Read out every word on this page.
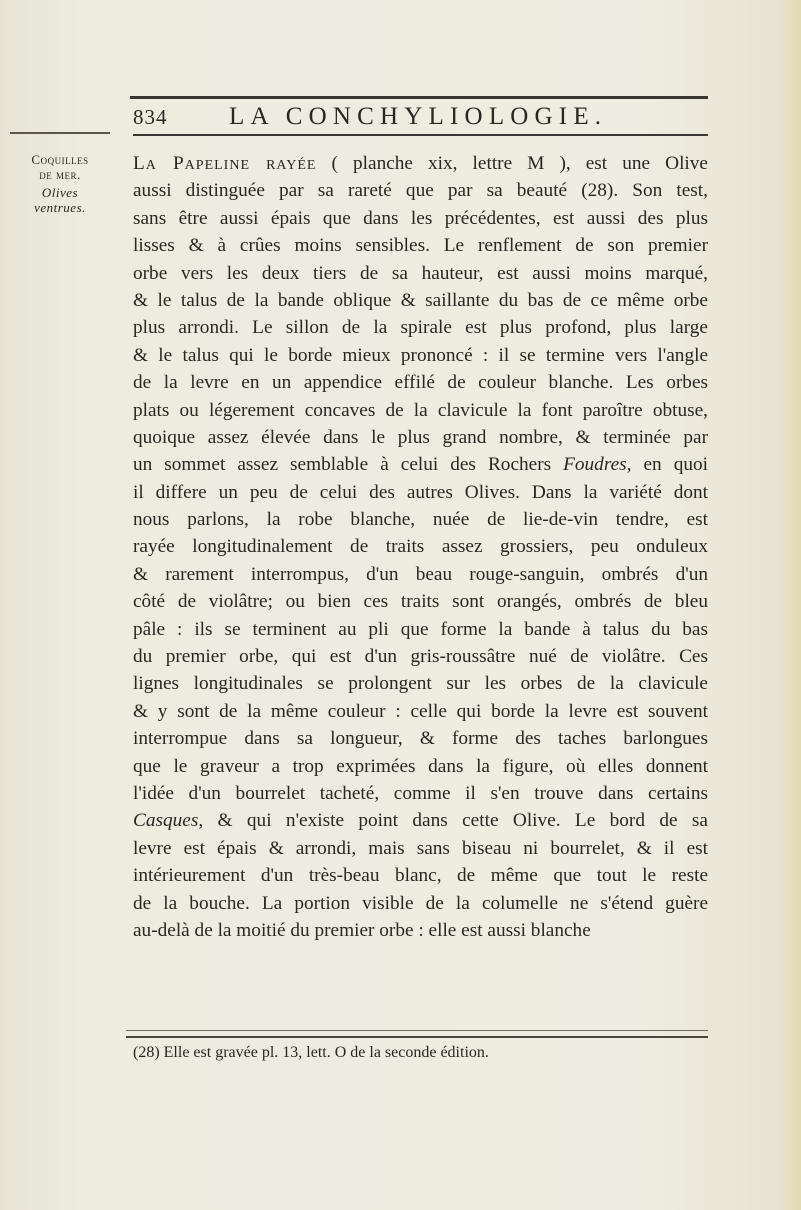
834 LA CONCHYLIOLOGIE.
Coquilles
de mer.
Olives
ventrues.
La Papeline rayée ( planche xix, lettre M ), est une Olive
aussi distinguée par sa rareté que par sa beauté (28). Son test,
sans être aussi épais que dans les précédentes, est aussi des plus
lisses & à crûes moins sensibles. Le renflement de son premier
orbe vers les deux tiers de sa hauteur, est aussi moins marqué,
& le talus de la bande oblique & saillante du bas de ce même orbe
plus arrondi. Le sillon de la spirale est plus profond, plus large
& le talus qui le borde mieux prononcé : il se termine vers l'angle
de la levre en un appendice effilé de couleur blanche. Les orbes
plats ou légerement concaves de la clavicule la font paroître obtuse,
quoique assez élevée dans le plus grand nombre, & terminée par
un sommet assez semblable à celui des Rochers Foudres, en quoi
il differe un peu de celui des autres Olives. Dans la variété dont
nous parlons, la robe blanche, nuée de lie-de-vin tendre, est
rayée longitudinalement de traits assez grossiers, peu onduleux
& rarement interrompus, d'un beau rouge-sanguin, ombrés d'un
côté de violâtre; ou bien ces traits sont orangés, ombrés de bleu
pâle : ils se terminent au pli que forme la bande à talus du bas
du premier orbe, qui est d'un gris-roussâtre nué de violâtre. Ces
lignes longitudinales se prolongent sur les orbes de la clavicule
& y sont de la même couleur : celle qui borde la levre est souvent
interrompue dans sa longueur, & forme des taches barlongues
que le graveur a trop exprimées dans la figure, où elles donnent
l'idée d'un bourrelet tacheté, comme il s'en trouve dans certains
Casques, & qui n'existe point dans cette Olive. Le bord de sa
levre est épais & arrondi, mais sans biseau ni bourrelet, & il est
intérieurement d'un très-beau blanc, de même que tout le reste
de la bouche. La portion visible de la columelle ne s'étend guère
au-delà de la moitié du premier orbe : elle est aussi blanche
(28) Elle est gravée pl. 13, lett. O de la seconde édition.
